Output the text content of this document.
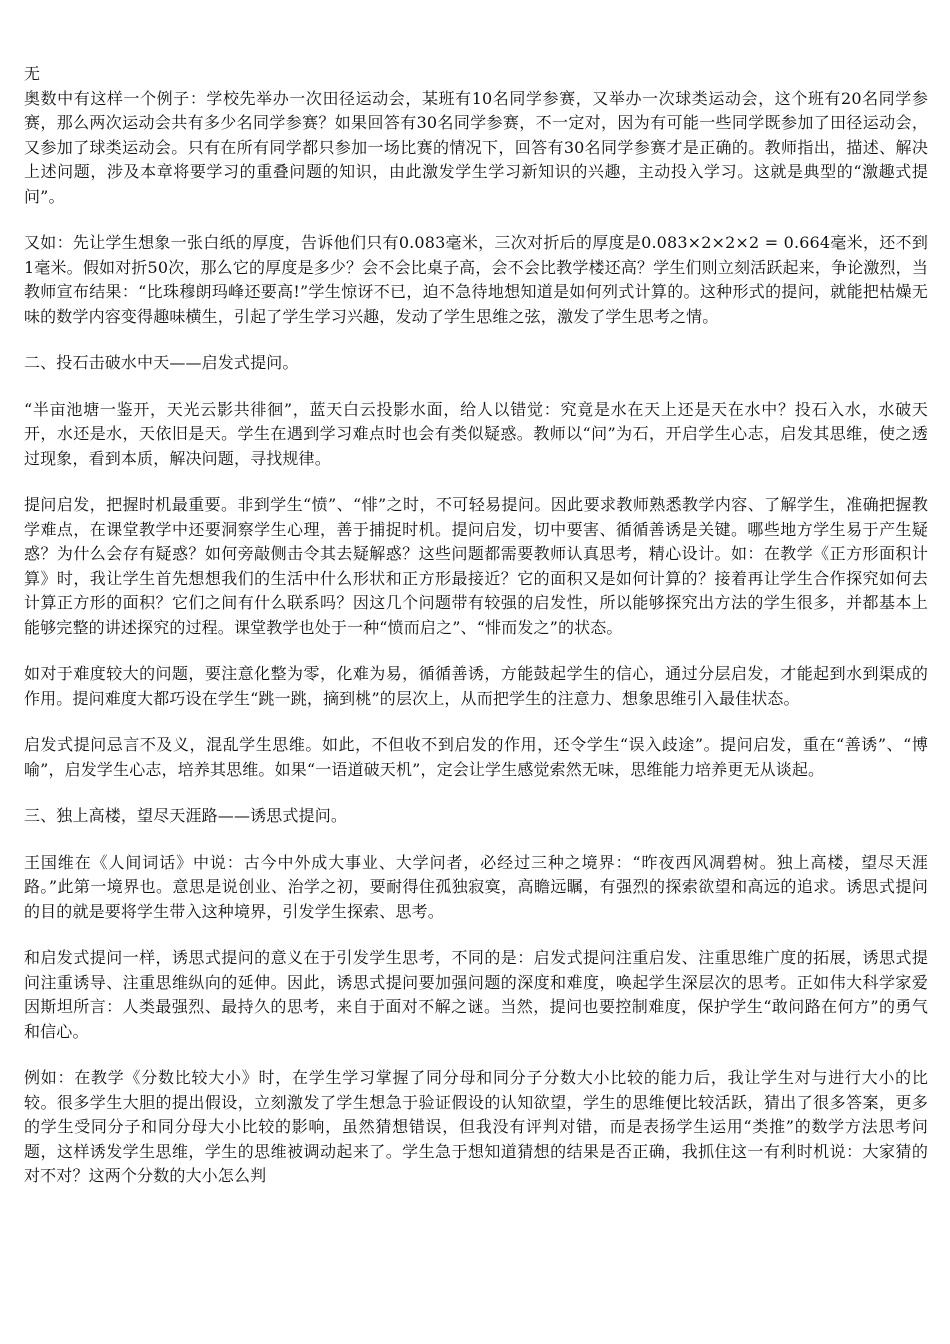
无

奥数中有这样一个例子：学校先举办一次田径运动会，某班有10名同学参赛，又举办一次球类运动会，这个班有20名同学参赛，那么两次运动会共有多少名同学参赛？如果回答有30名同学参赛，不一定对，因为有可能一些同学既参加了田径运动会，又参加了球类运动会。只有在所有同学都只参加一场比赛的情况下，回答有30名同学参赛才是正确的。教师指出，描述、解决上述问题，涉及本章将要学习的重叠问题的知识，由此激发学生学习新知识的兴趣，主动投入学习。这就是典型的“激趣式提问”。

又如：先让学生想象一张白纸的厚度，告诉他们只有0.083毫米，三次对折后的厚度是0.083×2×2×2 = 0.664毫米，还不到1毫米。假如对折50次，那么它的厚度是多少？会不会比桌子高，会不会比教学楼还高？学生们则立刻活跃起来，争论激烈，当教师宣布结果：“比珠穆朗玛峰还要高!”学生惊讶不已，迫不急待地想知道是如何列式计算的。这种形式的提问，就能把枯燥无味的数学内容变得趣味横生，引起了学生学习兴趣，发动了学生思维之弦，激发了学生思考之情。

二、投石击破水中天——启发式提问。

“半亩池塘一鉴开，天光云影共徘徊”，蓝天白云投影水面，给人以错觉：究竟是水在天上还是天在水中？投石入水，水破天开，水还是水，天依旧是天。学生在遇到学习难点时也会有类似疑惑。教师以“问”为石，开启学生心志，启发其思维，使之透过现象，看到本质，解决问题，寻找规律。

提问启发，把握时机最重要。非到学生“愤”、“悱”之时，不可轻易提问。因此要求教师熟悉教学内容、了解学生，准确把握教学难点，在课堂教学中还要洞察学生心理，善于捕捉时机。提问启发，切中要害、循循善诱是关键。哪些地方学生易于产生疑惑？为什么会存有疑惑？如何旁敲侧击令其去疑解惑？这些问题都需要教师认真思考，精心设计。如：在教学《正方形面积计算》时，我让学生首先想想我们的生活中什么形状和正方形最接近？它的面积又是如何计算的？接着再让学生合作探究如何去计算正方形的面积？它们之间有什么联系吗？因这几个问题带有较强的启发性，所以能够探究出方法的学生很多，并都基本上能够完整的讲述探究的过程。课堂教学也处于一种“愤而启之”、“悱而发之”的状态。

如对于难度较大的问题，要注意化整为零，化难为易，循循善诱，方能鼓起学生的信心，通过分层启发，才能起到水到渠成的作用。提问难度大都巧设在学生“跳一跳，摘到桃”的层次上，从而把学生的注意力、想象思维引入最佳状态。

启发式提问忌言不及义，混乱学生思维。如此，不但收不到启发的作用，还令学生“误入歧途”。提问启发，重在“善诱”、“博喻”，启发学生心志，培养其思维。如果“一语道破天机”，定会让学生感觉索然无味，思维能力培养更无从谈起。

三、独上高楼，望尽天涯路——诱思式提问。

王国维在《人间词话》中说：古今中外成大事业、大学问者，必经过三种之境界：“昨夜西风凋碧树。独上高楼，望尽天涯路。”此第一境界也。意思是说创业、治学之初，要耐得住孤独寂寞，高瞻远瞩，有强烈的探索欲望和高远的追求。诱思式提问的目的就是要将学生带入这种境界，引发学生探索、思考。

和启发式提问一样，诱思式提问的意义在于引发学生思考，不同的是：启发式提问注重启发、注重思维广度的拓展，诱思式提问注重诱导、注重思维纵向的延伸。因此，诱思式提问要加强问题的深度和难度，唤起学生深层次的思考。正如伟大科学家爱因斯坦所言：人类最强烈、最持久的思考，来自于面对不解之谜。当然，提问也要控制难度，保护学生“敢问路在何方”的勇气和信心。

例如：在教学《分数比较大小》时，在学生学习掌握了同分母和同分子分数大小比较的能力后，我让学生对与进行大小的比较。很多学生大胆的提出假设，立刻激发了学生想急于验证假设的认知欲望，学生的思维便比较活跃，猜出了很多答案，更多的学生受同分子和同分母大小比较的影响，虽然猜想错误，但我没有评判对错，而是表扬学生运用“类推”的数学方法思考问题，这样诱发学生思维，学生的思维被调动起来了。学生急于想知道猜想的结果是否正确，我抓住这一有利时机说：大家猜的对不对？这两个分数的大小怎么判
